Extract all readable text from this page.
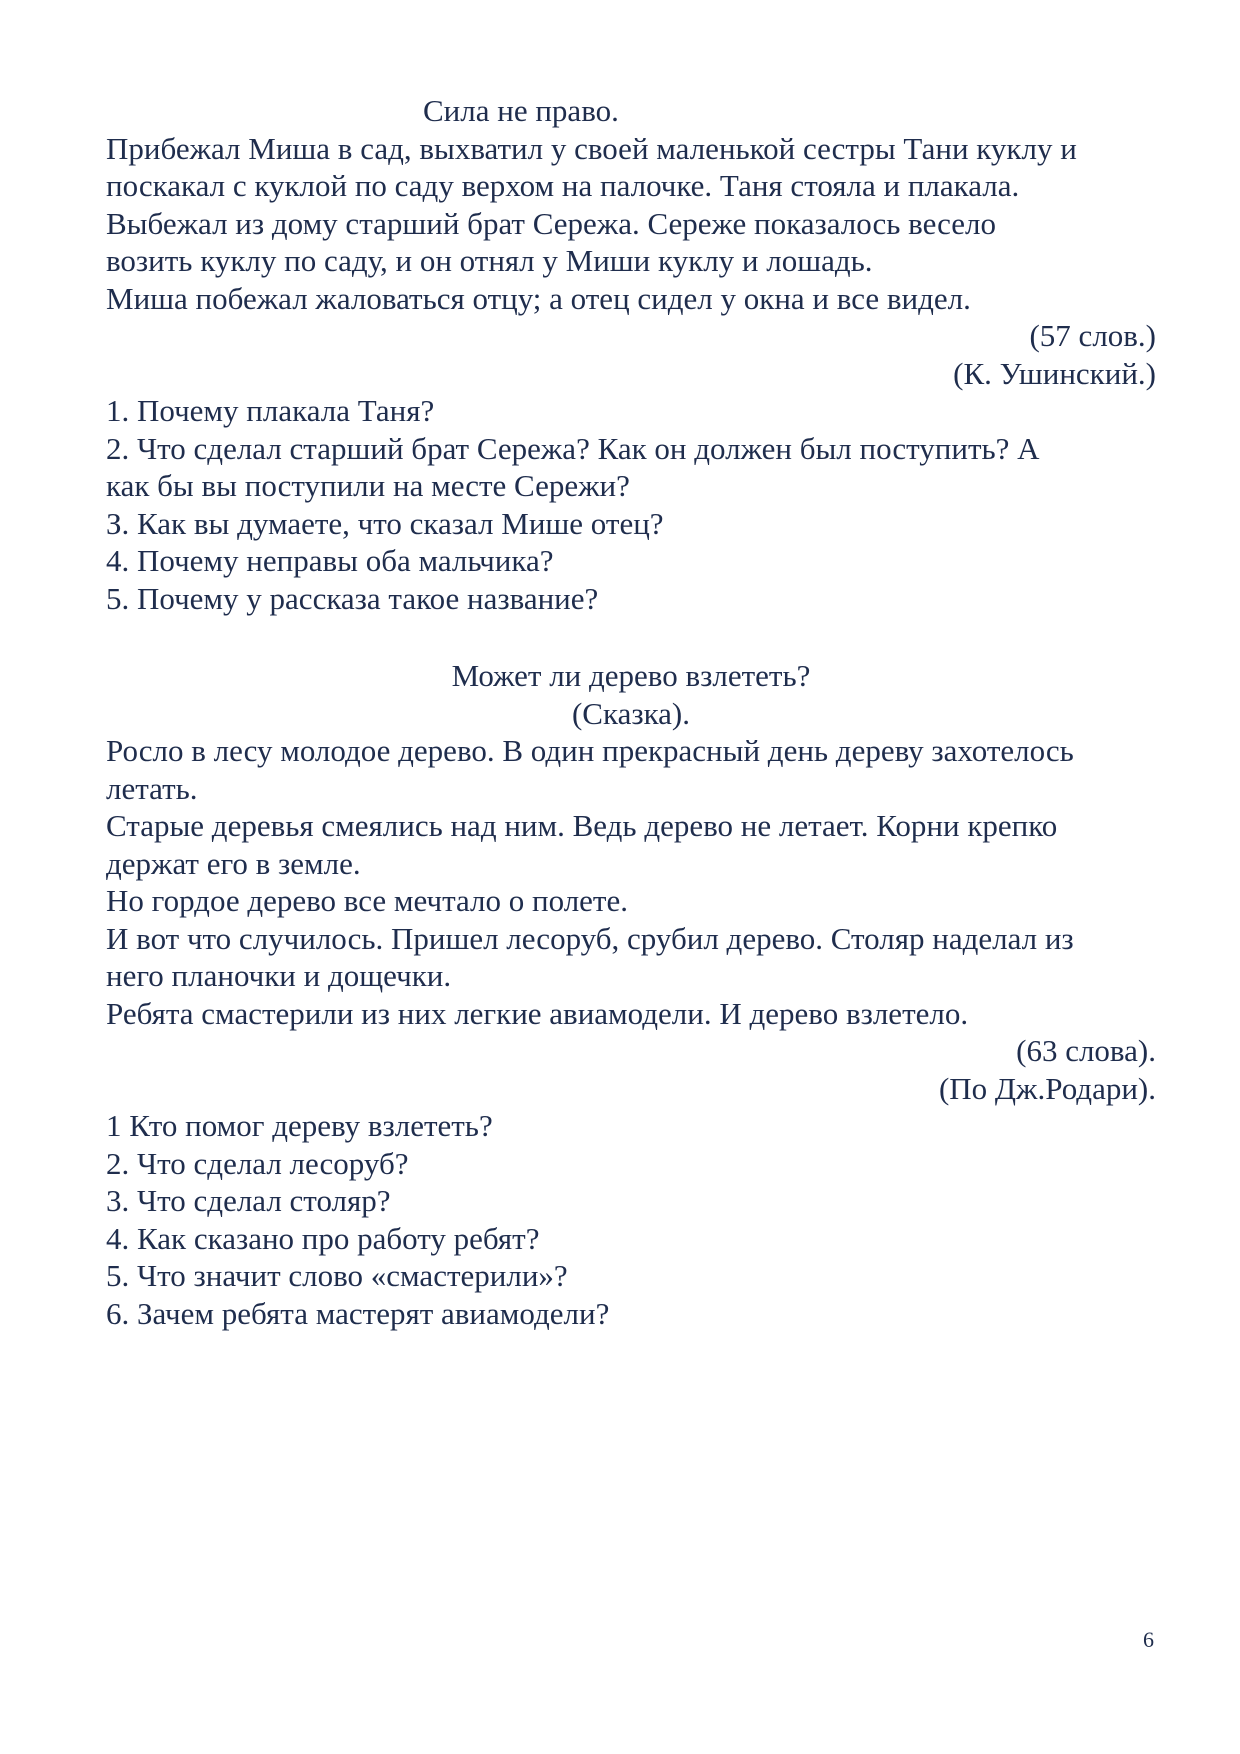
Сила не право.
Прибежал Миша в сад, выхватил у своей маленькой сестры Тани куклу и
поскакал с куклой по саду верхом на палочке. Таня стояла и плакала.
Выбежал из дому старший брат Сережа. Сереже показалось весело
возить куклу по саду, и он отнял у Миши куклу и лошадь.
Миша побежал жаловаться отцу; а отец сидел у окна и все видел.
(57 слов.)
(К. Ушинский.)
1. Почему плакала Таня?
2. Что сделал старший брат Сережа? Как он должен был поступить? А
как бы вы поступили на месте Сережи?
З. Как вы думаете, что сказал Мише отец?
4. Почему неправы оба мальчика?
5. Почему у рассказа такое название?
Может ли дерево взлететь?
(Сказка).
Росло в лесу молодое дерево. В один прекрасный день дереву захотелось
летать.
Старые деревья смеялись над ним. Ведь дерево не летает. Корни крепко
держат его в земле.
Но гордое дерево все мечтало о полете.
И вот что случилось. Пришел лесоруб, срубил дерево. Столяр наделал из
него планочки и дощечки.
Ребята смастерили из них легкие авиамодели. И дерево взлетело.
(63 слова).
(По Дж.Родари).
1 Кто помог дереву взлететь?
2. Что сделал лесоруб?
3. Что сделал столяр?
4. Как сказано про работу ребят?
5. Что значит слово «смастерили»?
6. Зачем ребята мастерят авиамодели?
6
